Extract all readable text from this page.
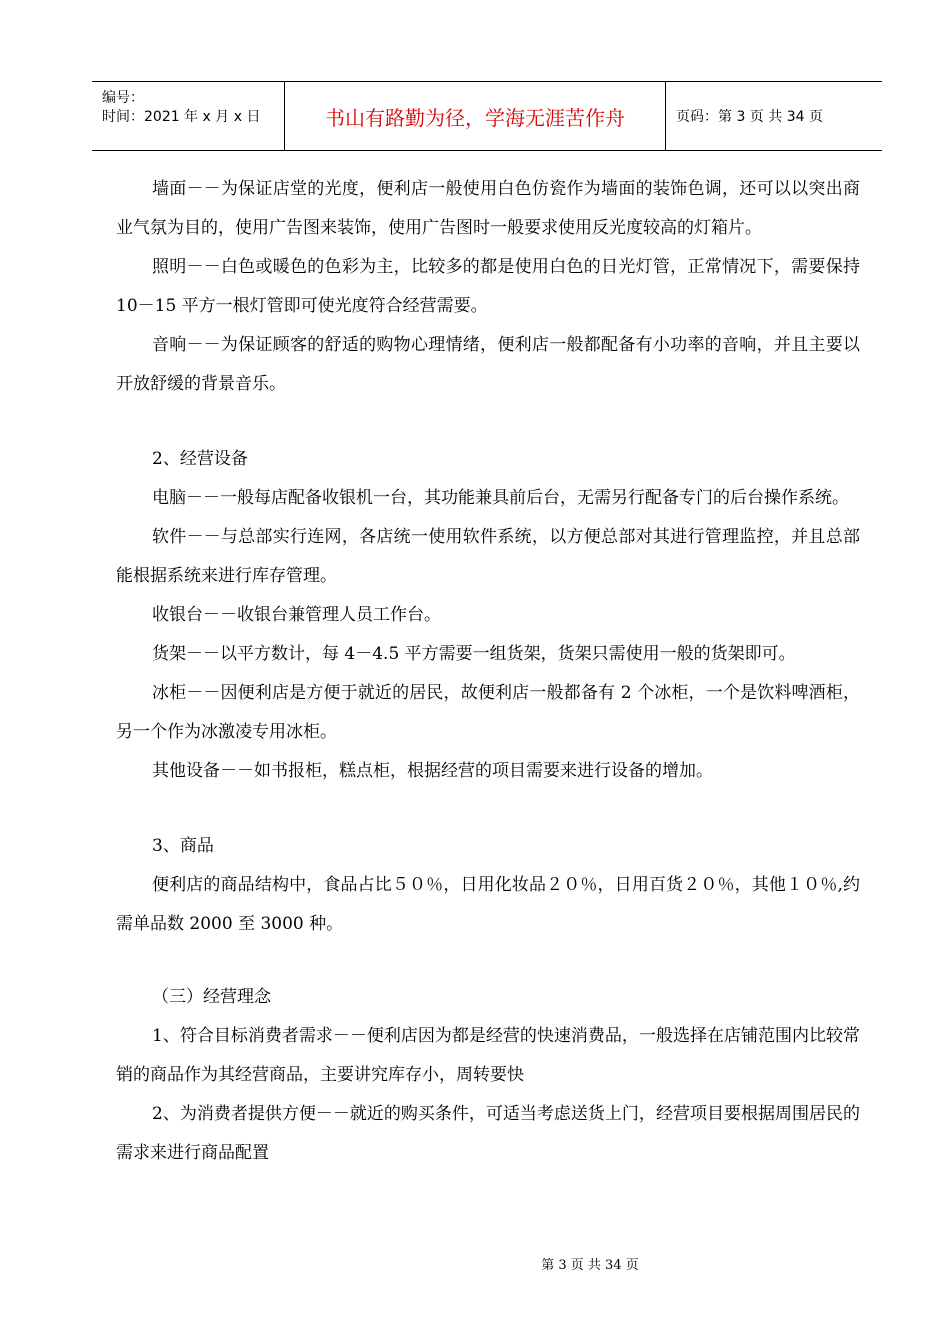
编号：
时间：2021 年 x 月 x 日	书山有路勤为径，学海无涯苦作舟	页码：第 3 页 共 34 页

墙面－－为保证店堂的光度，便利店一般使用白色仿瓷作为墙面的装饰色调，还可以以突出商业气氛为目的，使用广告图来装饰，使用广告图时一般要求使用反光度较高的灯箱片。

照明－－白色或暖色的色彩为主，比较多的都是使用白色的日光灯管，正常情况下，需要保持 10－15 平方一根灯管即可使光度符合经营需要。

音响－－为保证顾客的舒适的购物心理情绪，便利店一般都配备有小功率的音响，并且主要以开放舒缓的背景音乐。

2、经营设备

电脑－－一般每店配备收银机一台，其功能兼具前后台，无需另行配备专门的后台操作系统。

软件－－与总部实行连网，各店统一使用软件系统，以方便总部对其进行管理监控，并且总部能根据系统来进行库存管理。

收银台－－收银台兼管理人员工作台。

货架－－以平方数计，每 4－4.5 平方需要一组货架，货架只需使用一般的货架即可。

冰柜－－因便利店是方便于就近的居民，故便利店一般都备有 2 个冰柜，一个是饮料啤酒柜，另一个作为冰激凌专用冰柜。

其他设备－－如书报柜，糕点柜，根据经营的项目需要来进行设备的增加。

3、商品

便利店的商品结构中，食品占比５０％，日用化妆品２０％，日用百货２０％，其他１０％,约需单品数 2000 至 3000 种。

（三）经营理念

1、符合目标消费者需求－－便利店因为都是经营的快速消费品，一般选择在店铺范围内比较常销的商品作为其经营商品，主要讲究库存小，周转要快

2、为消费者提供方便－－就近的购买条件，可适当考虑送货上门，经营项目要根据周围居民的需求来进行商品配置

第 3 页 共 34 页
